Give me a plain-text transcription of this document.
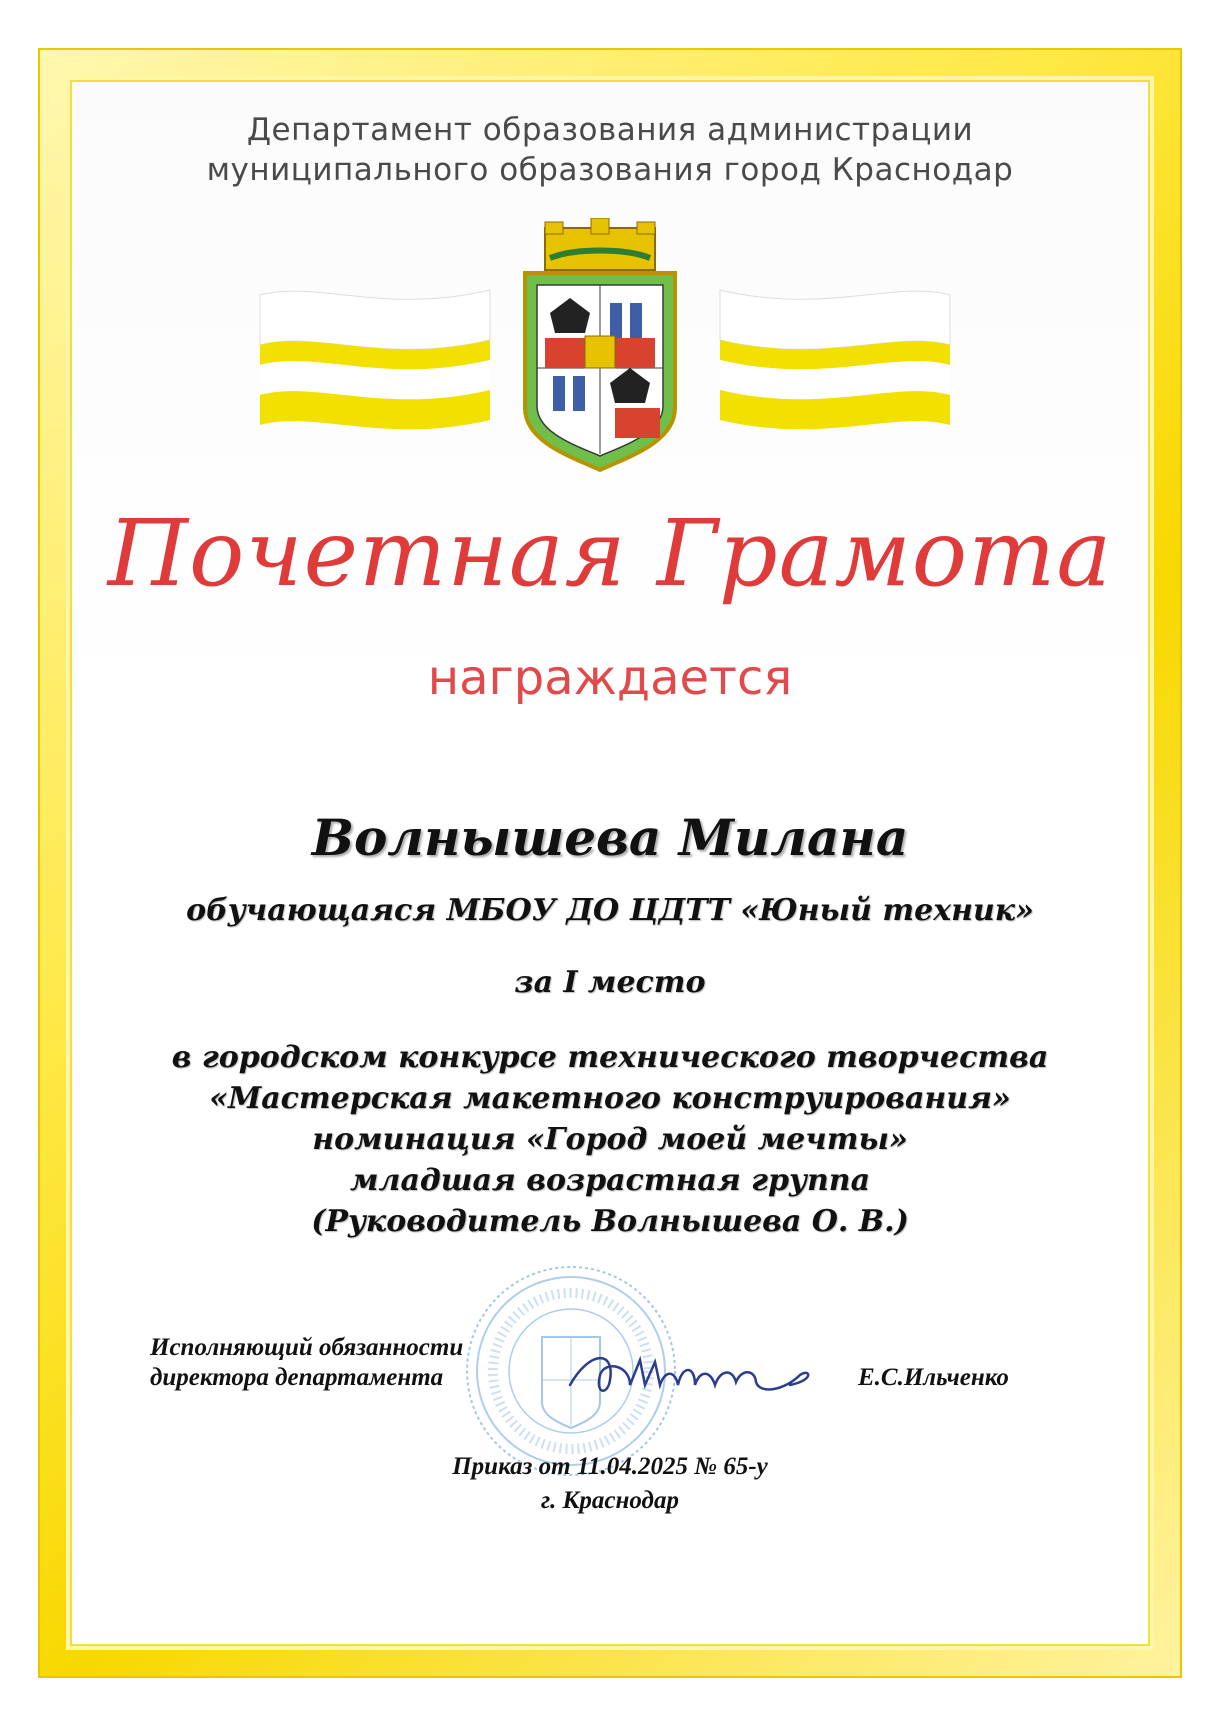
Департамент образования администрации
муниципального образования город Краснодар
Почетная Грамота
награждается
Волнышева Милана
обучающаяся МБОУ ДО ЦДТТ «Юный техник»
за I место
в городском конкурсе технического творчества
«Мастерская макетного конструирования»
номинация «Город моей мечты»
младшая возрастная группа
(Руководитель Волнышева О. В.)
Исполняющий обязанности
директора департамента	Е.С.Ильченко
Приказ от 11.04.2025 № 65-у
г. Краснодар
